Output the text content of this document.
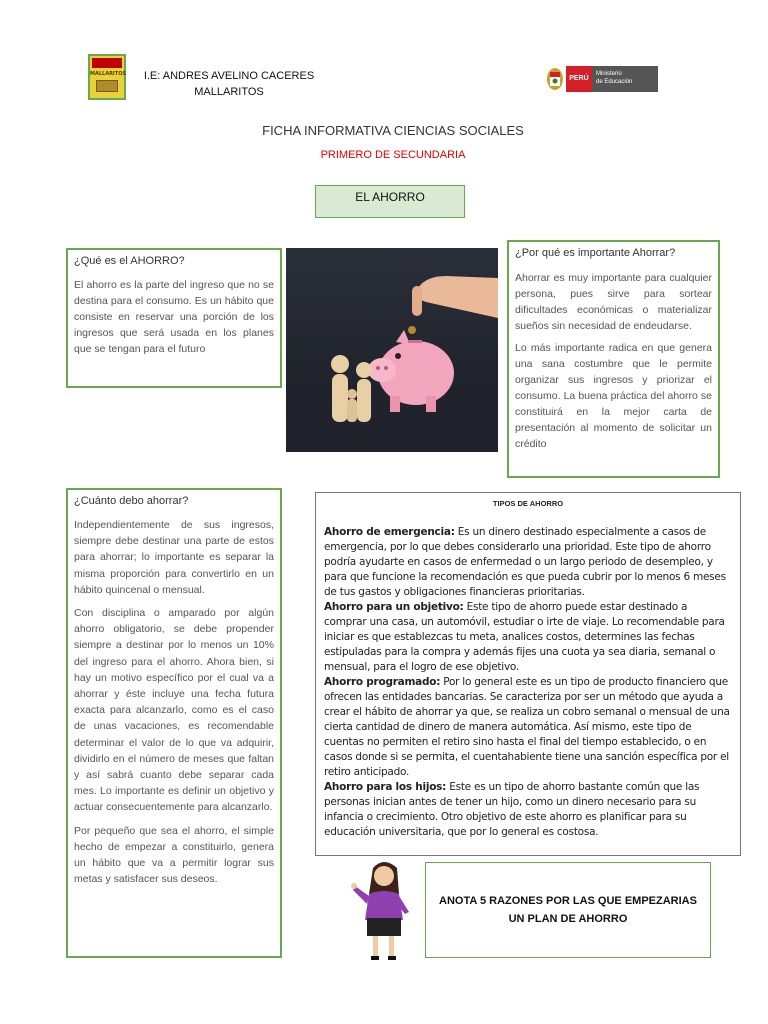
MALLARITOS	I.E: ANDRES AVELINO CACERES
MALLARITOS
PERÚ
Ministerio
de Educación
FICHA INFORMATIVA CIENCIAS SOCIALES
PRIMERO DE SECUNDARIA
EL AHORRO
¿Qué es el AHORRO?

El ahorro es la parte del ingreso que no se destina para el consumo. Es un hábito que consiste en reservar una porción de los ingresos que será usada en los planes que se tengan para el futuro

¿Por qué es importante Ahorrar?

Ahorrar es muy importante para cualquier persona, pues sirve para sortear dificultades económicas o materializar sueños sin necesidad de endeudarse.

Lo más importante radica en que genera una sana costumbre que le permite organizar sus ingresos y priorizar el consumo. La buena práctica del ahorro se constituirá en la mejor carta de presentación al momento de solicitar un crédito

¿Cuánto debo ahorrar?

Independientemente de sus ingresos, siempre debe destinar una parte de estos para ahorrar; lo importante es separar la misma proporción para convertirlo en un hábito quincenal o mensual.

Con disciplina o amparado por algún ahorro obligatorio, se debe propender siempre a destinar por lo menos un 10% del ingreso para el ahorro. Ahora bien, si hay un motivo específico por el cual va a ahorrar y éste incluye una fecha futura exacta para alcanzarlo, como es el caso de unas vacaciones, es recomendable determinar el valor de lo que va adquirir, dividirlo en el número de meses que faltan y así sabrá cuanto debe separar cada mes. Lo importante es definir un objetivo y actuar consecuentemente para alcanzarlo.

Por pequeño que sea el ahorro, el simple hecho de empezar a constituirlo, genera un hábito que va a permitir lograr sus metas y satisfacer sus deseos.

TIPOS DE AHORRO
Ahorro de emergencia: Es un dinero destinado especialmente a casos de emergencia, por lo que debes considerarlo una prioridad. Este tipo de ahorro podría ayudarte en casos de enfermedad o un largo periodo de desempleo, y para que funcione la recomendación es que pueda cubrir por lo menos 6 meses de tus gastos y obligaciones financieras prioritarias.
Ahorro para un objetivo: Este tipo de ahorro puede estar destinado a comprar una casa, un automóvil, estudiar o irte de viaje. Lo recomendable para iniciar es que establezcas tu meta, analices costos, determines las fechas estipuladas para la compra y además fijes una cuota ya sea diaria, semanal o mensual, para el logro de ese objetivo.
Ahorro programado: Por lo general este es un tipo de producto financiero que ofrecen las entidades bancarias. Se caracteriza por ser un método que ayuda a crear el hábito de ahorrar ya que, se realiza un cobro semanal o mensual de una cierta cantidad de dinero de manera automática. Así mismo, este tipo de cuentas no permiten el retiro sino hasta el final del tiempo establecido, o en casos donde si se permita, el cuentahabiente tiene una sanción específica por el retiro anticipado.
Ahorro para los hijos: Este es un tipo de ahorro bastante común que las personas inician antes de tener un hijo, como un dinero necesario para su infancia o crecimiento. Otro objetivo de este ahorro es planificar para su educación universitaria, que por lo general es costosa.
ANOTA 5 RAZONES POR LAS QUE EMPEZARIAS UN PLAN DE AHORRO
